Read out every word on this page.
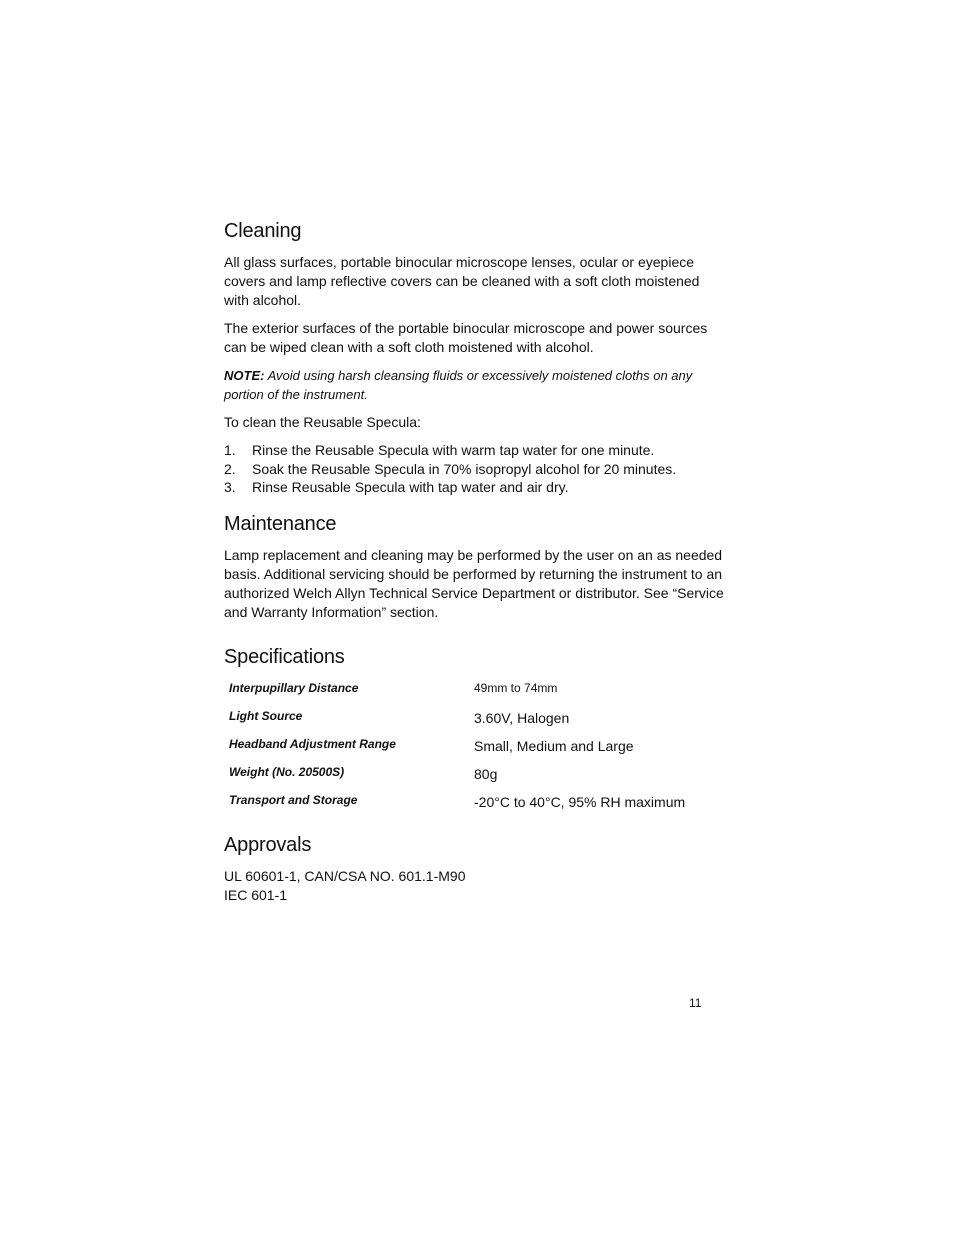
Cleaning

All glass surfaces, portable binocular microscope lenses, ocular or eyepiece covers and lamp reflective covers can be cleaned with a soft cloth moistened with alcohol.

The exterior surfaces of the portable binocular microscope and power sources can be wiped clean with a soft cloth moistened with alcohol.

NOTE: Avoid using harsh cleansing fluids or excessively moistened cloths on any portion of the instrument.

To clean the Reusable Specula:

1.	Rinse the Reusable Specula with warm tap water for one minute.
2.	Soak the Reusable Specula in 70% isopropyl alcohol for 20 minutes.
3.	Rinse Reusable Specula with tap water and air dry.
Maintenance

Lamp replacement and cleaning may be performed by the user on an as needed basis. Additional servicing should be performed by returning the instrument to an authorized Welch Allyn Technical Service Department or distributor. See “Service and Warranty Information” section.

Specifications
Interpupillary Distance	49mm to 74mm
Light Source	3.60V, Halogen
Headband Adjustment Range	Small, Medium and Large
Weight (No. 20500S)	80g
Transport and Storage	-20°C to 40°C, 95% RH maximum
Approvals

UL 60601-1, CAN/CSA NO. 601.1-M90

IEC 601-1

11
